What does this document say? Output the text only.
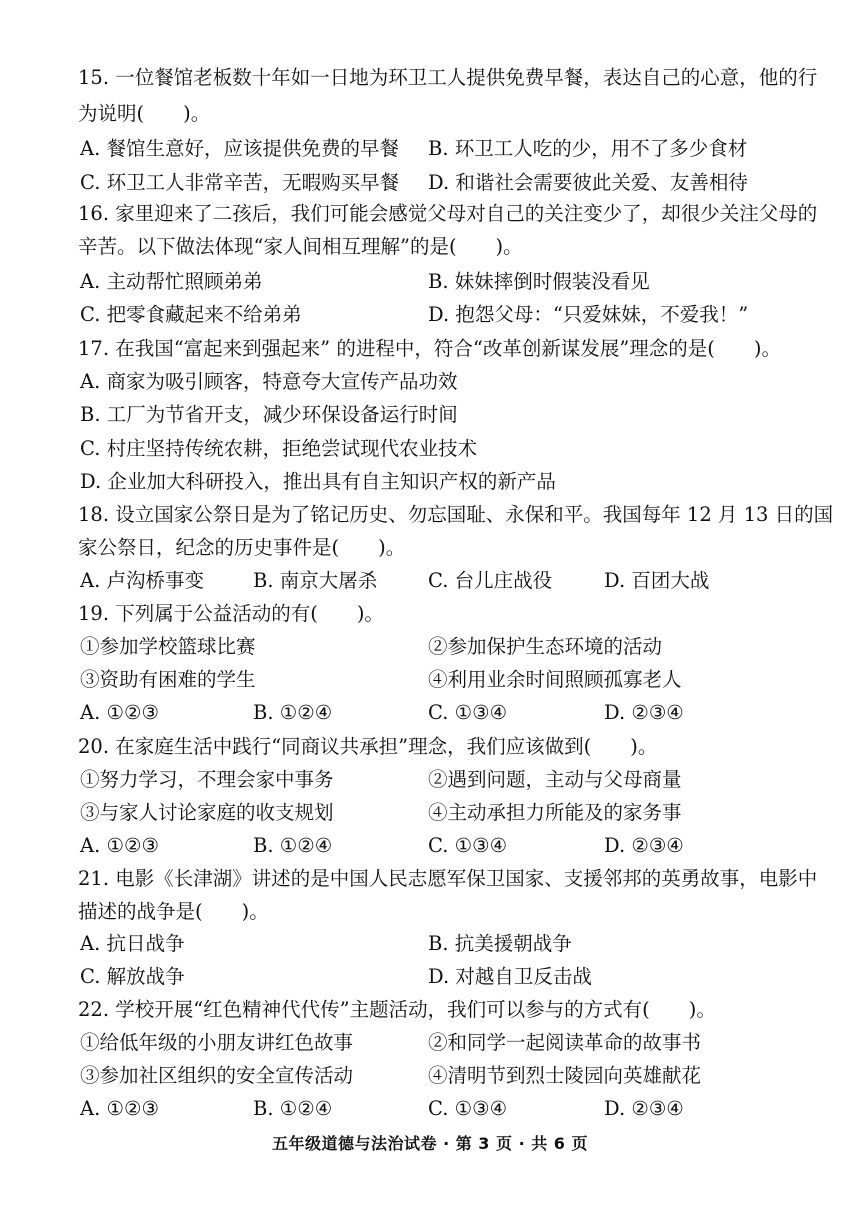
15. 一位餐馆老板数十年如一日地为环卫工人提供免费早餐，表达自己的心意，他的行
为说明(　　)。
A. 餐馆生意好，应该提供免费的早餐 B. 环卫工人吃的少，用不了多少食材
C. 环卫工人非常辛苦，无暇购买早餐 D. 和谐社会需要彼此关爱、友善相待
16. 家里迎来了二孩后，我们可能会感觉父母对自己的关注变少了，却很少关注父母的
辛苦。以下做法体现“家人间相互理解”的是(　　)。
A. 主动帮忙照顾弟弟	B. 妹妹摔倒时假装没看见
C. 把零食藏起来不给弟弟	D. 抱怨父母：“只爱妹妹，不爱我！”
17. 在我国“富起来到强起来” 的进程中，符合“改革创新谋发展”理念的是(　　)。
A. 商家为吸引顾客，特意夸大宣传产品功效
B. 工厂为节省开支，减少环保设备运行时间
C. 村庄坚持传统农耕，拒绝尝试现代农业技术
D. 企业加大科研投入，推出具有自主知识产权的新产品
18. 设立国家公祭日是为了铭记历史、勿忘国耻、永保和平。我国每年 12 月 13 日的国
家公祭日，纪念的历史事件是(　　)。
A. 卢沟桥事变	B. 南京大屠杀	C. 台儿庄战役	D. 百团大战
19. 下列属于公益活动的有(　　)。
①参加学校篮球比赛	②参加保护生态环境的活动
③资助有困难的学生	④利用业余时间照顾孤寡老人
A. ①②③	B. ①②④	C. ①③④	D. ②③④
20. 在家庭生活中践行“同商议共承担”理念，我们应该做到(　　)。
①努力学习，不理会家中事务	②遇到问题，主动与父母商量
③与家人讨论家庭的收支规划	④主动承担力所能及的家务事
A. ①②③	B. ①②④	C. ①③④	D. ②③④
21. 电影《长津湖》讲述的是中国人民志愿军保卫国家、支援邻邦的英勇故事，电影中
描述的战争是(　　)。
A. 抗日战争	B. 抗美援朝战争
C. 解放战争	D. 对越自卫反击战
22. 学校开展“红色精神代代传”主题活动，我们可以参与的方式有(　　)。
①给低年级的小朋友讲红色故事	②和同学一起阅读革命的故事书
③参加社区组织的安全宣传活动	④清明节到烈士陵园向英雄献花
A. ①②③	B. ①②④	C. ①③④	D. ②③④
五年级道德与法治试卷 · 第 3 页 · 共 6 页
